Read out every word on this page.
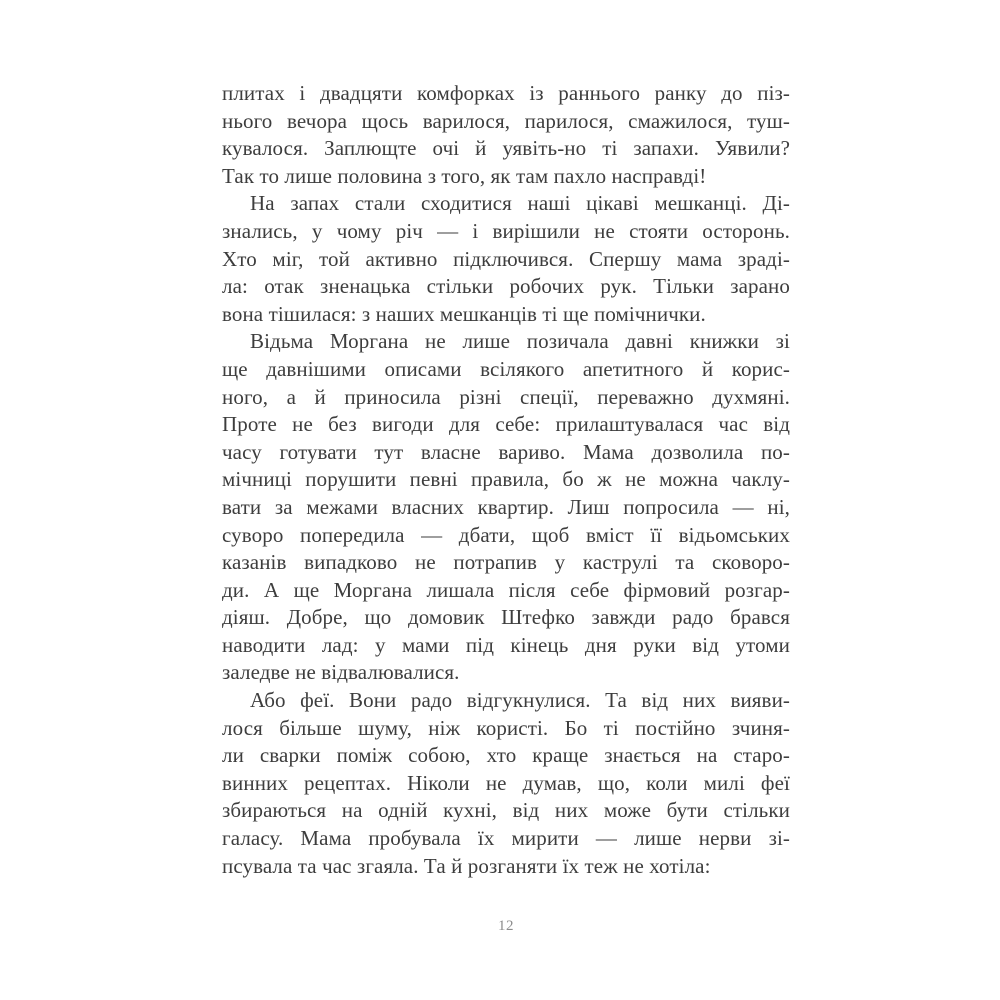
плитах і двадцяти комфорках із раннього ранку до піз-
нього вечора щось варилося, парилося, смажилося, туш-
кувалося. Заплющте очі й уявіть-но ті запахи. Уявили?
Так то лише половина з того, як там пахло насправді!
На запах стали сходитися наші цікаві мешканці. Ді-
знались, у чому річ — і вирішили не стояти осторонь.
Хто міг, той активно підключився. Спершу мама зраді-
ла: отак зненацька стільки робочих рук. Тільки зарано
вона тішилася: з наших мешканців ті ще помічнички.
Відьма Моргана не лише позичала давні книжки зі
ще давнішими описами всілякого апетитного й корис-
ного, а й приносила різні спеції, переважно духмяні.
Проте не без вигоди для себе: прилаштувалася час від
часу готувати тут власне вариво. Мама дозволила по-
мічниці порушити певні правила, бо ж не можна чаклу-
вати за межами власних квартир. Лиш попросила — ні,
суворо попередила — дбати, щоб вміст її відьомських
казанів випадково не потрапив у каструлі та сковоро-
ди. А ще Моргана лишала після себе фірмовий розгар-
діяш. Добре, що домовик Штефко завжди радо брався
наводити лад: у мами під кінець дня руки від утоми
заледве не відвалювалися.
Або феї. Вони радо відгукнулися. Та від них вияви-
лося більше шуму, ніж користі. Бо ті постійно зчиня-
ли сварки поміж собою, хто краще знається на старо-
винних рецептах. Ніколи не думав, що, коли милі феї
збираються на одній кухні, від них може бути стільки
галасу. Мама пробувала їх мирити — лише нерви зі-
псувала та час згаяла. Та й розганяти їх теж не хотіла:
12
